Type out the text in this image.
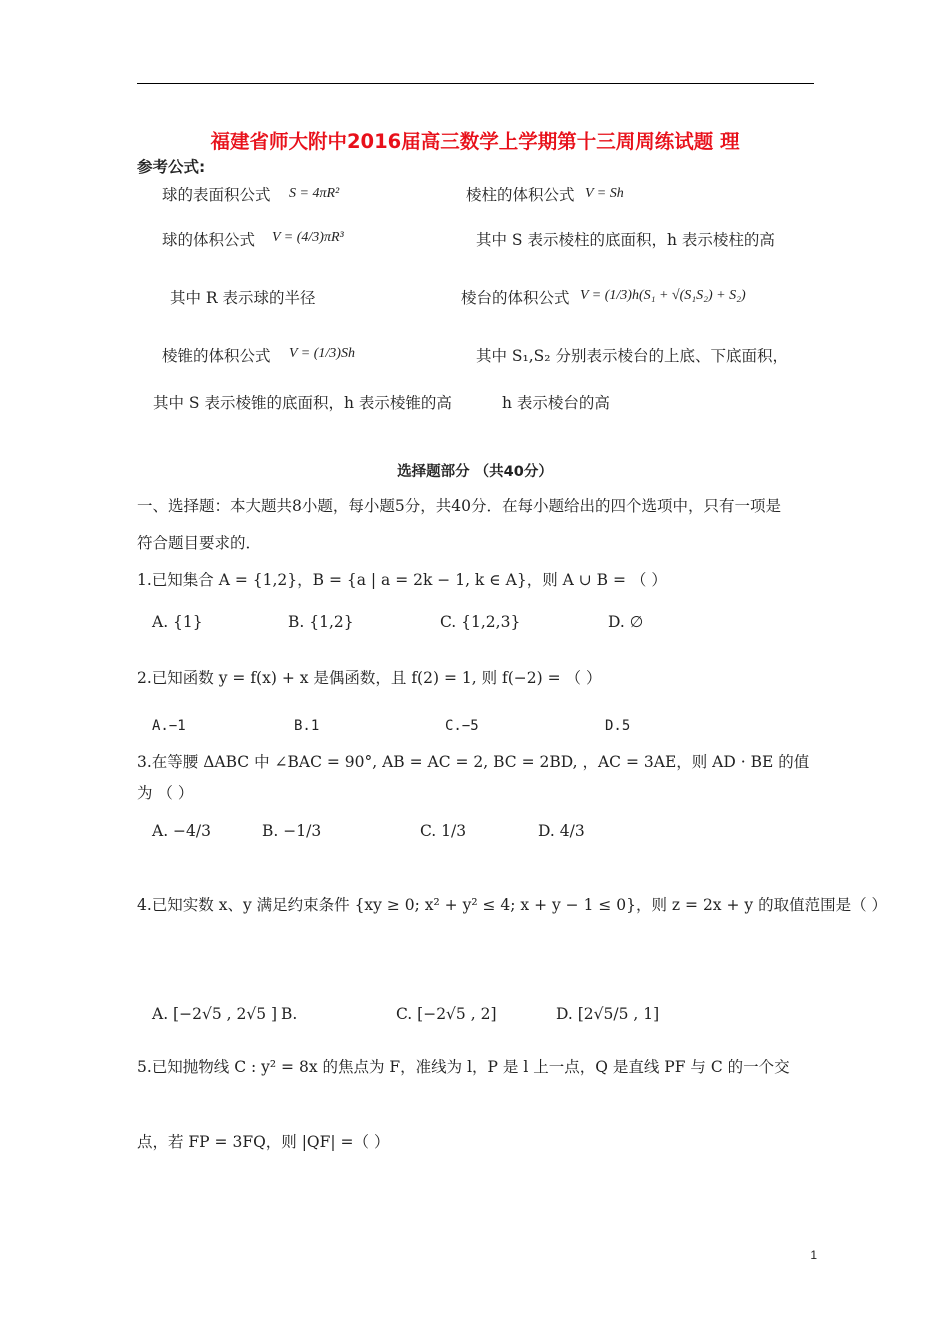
福建省师大附中2016届高三数学上学期第十三周周练试题 理
参考公式:
球的表面积公式 S = 4πR²	棱柱的体积公式 V = Sh
球的体积公式 V = (4/3)πR³	其中 S 表示棱柱的底面积，h 表示棱柱的高
其中 R 表示球的半径	棱台的体积公式 V = (1/3)h(S₁ + √(S₁S₂) + S₂)
棱锥的体积公式 V = (1/3)Sh	其中 S₁,S₂ 分别表示棱台的上底、下底面积，
其中 S 表示棱锥的底面积，h 表示棱锥的高	h 表示棱台的高
选择题部分 （共40分）
一、选择题：本大题共8小题，每小题5分，共40分．在每小题给出的四个选项中，只有一项是
符合题目要求的．
1.已知集合 A = {1,2}，B = {a | a = 2k − 1, k ∈ A}，则 A ∪ B = （ ）
A. {1}	B. {1,2}	C. {1,2,3}	D. ∅
2.已知函数 y = f(x) + x 是偶函数，且 f(2) = 1, 则 f(−2) = （ ）
A.−1	B.1	C.−5	D.5
3.在等腰 ΔABC 中 ∠BAC = 90°, AB = AC = 2, BC = 2BD, ，AC = 3AE，则 AD · BE 的值
为 （ ）
A. −4/3	B. −1/3	C. 1/3	D. 4/3
4.已知实数 x、y 满足约束条件 {xy ≥ 0; x² + y² ≤ 4; x + y − 1 ≤ 0}，则 z = 2x + y 的取值范围是（ ）
A. [−2√5 , 2√5 ] B.	C. [−2√5 , 2]	D. [2√5/5 , 1]
5.已知抛物线 C : y² = 8x 的焦点为 F，准线为 l，P 是 l 上一点，Q 是直线 PF 与 C 的一个交
点，若 FP = 3FQ，则 |QF| =（ ）
1
